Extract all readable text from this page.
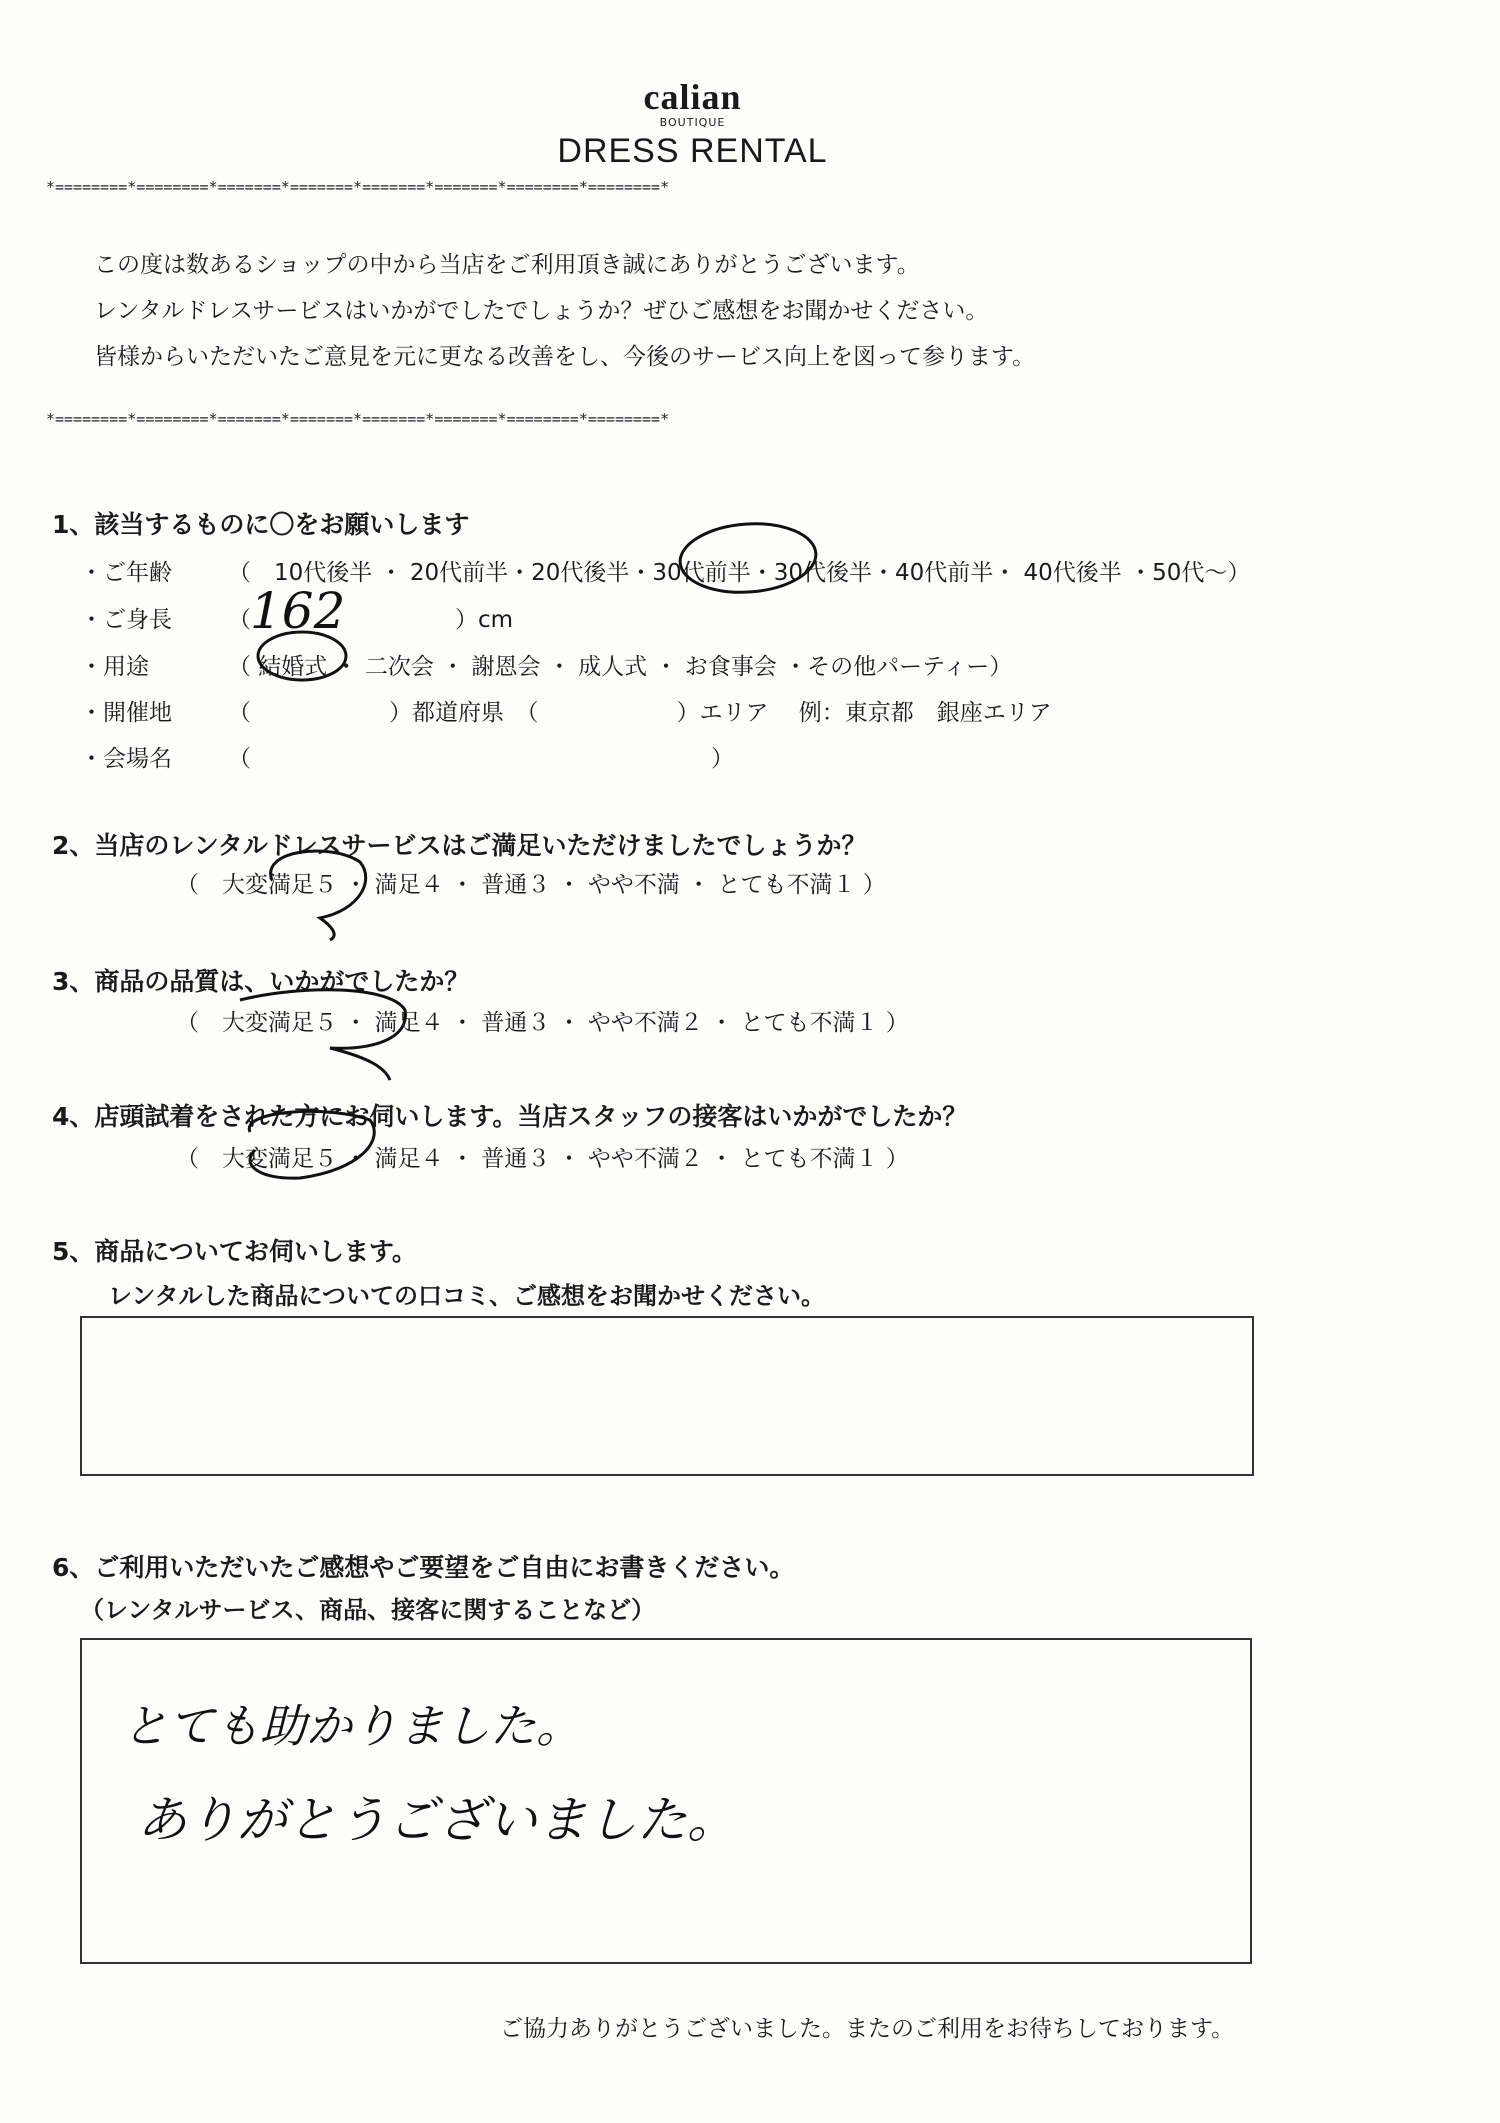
calian
BOUTIQUE
DRESS RENTAL
*========*========*=======*=======*=======*=======*========*========*
この度は数あるショップの中から当店をご利用頂き誠にありがとうございます。
レンタルドレスサービスはいかがでしたでしょうか？ぜひご感想をお聞かせください。
皆様からいただいたご意見を元に更なる改善をし、今後のサービス向上を図って参ります。
*========*========*=======*=======*=======*=======*========*========*
1、該当するものに〇をお願いします
・ご年齢 （　10代後半 ・ 20代前半・20代後半・30代前半・30代後半・40代前半・ 40代後半 ・50代〜）
・ご身長 （ 162	）cm
・用途	（ 結婚式 ・ 二次会 ・ 謝恩会 ・ 成人式 ・ お食事会 ・その他パーティー）
・開催地 （　　　　　　）都道府県　（　　　　　　）エリア　 例：東京都　銀座エリア
・会場名 （　　　　　　　　　　　　　　　　　　　　）
2、当店のレンタルドレスサービスはご満足いただけましたでしょうか？
（　大変満足５ ・ 満足４ ・ 普通３ ・ やや不満 ・ とても不満１ ）
3、商品の品質は、いかがでしたか？
（　大変満足５ ・ 満足４ ・ 普通３ ・ やや不満２ ・ とても不満１ ）
4、店頭試着をされた方にお伺いします。当店スタッフの接客はいかがでしたか？
（　大変満足５ ・ 満足４ ・ 普通３ ・ やや不満２ ・ とても不満１ ）
5、商品についてお伺いします。
レンタルした商品についての口コミ、ご感想をお聞かせください。
6、ご利用いただいたご感想やご要望をご自由にお書きください。
（レンタルサービス、商品、接客に関することなど）
とても助かりました。
ありがとうございました。
ご協力ありがとうございました。またのご利用をお待ちしております。
